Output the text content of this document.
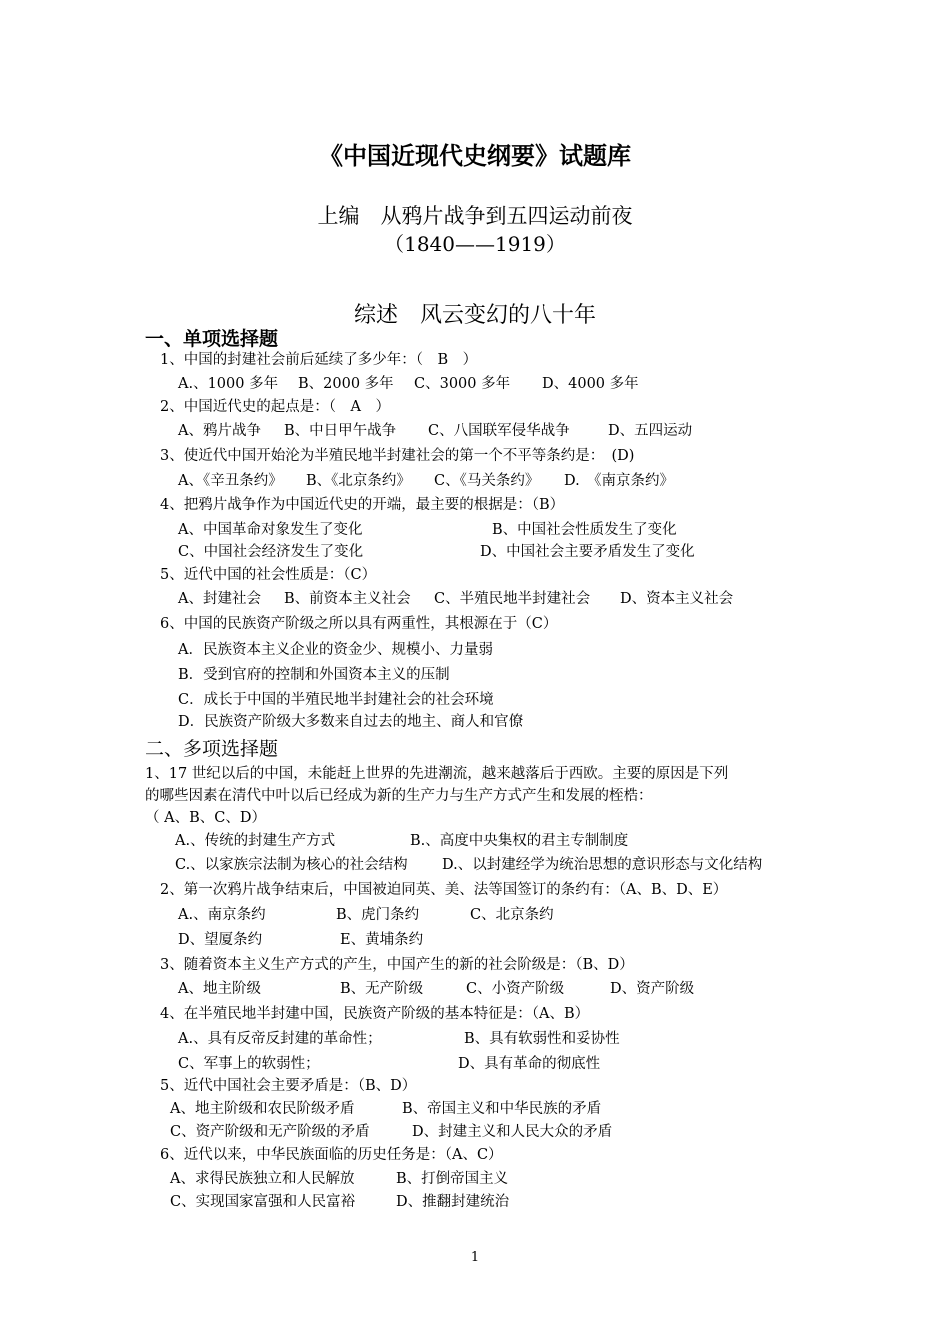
《中国近现代史纲要》试题库
上编　从鸦片战争到五四运动前夜
（1840——1919）
综述　风云变幻的八十年
一、单项选择题
1、中国的封建社会前后延续了多少年：（　B　）
A.、1000 多年 B、2000 多年 C、3000 多年 D、4000 多年
2、中国近代史的起点是：（　A　）
A、鸦片战争 B、中日甲午战争 C、八国联军侵华战争	D、五四运动
3、使近代中国开始沦为半殖民地半封建社会的第一个不平等条约是：　(D)
A、《辛丑条约》 B、《北京条约》 C、《马关条约》 D.　《南京条约》
4、把鸦片战争作为中国近代史的开端，最主要的根据是：（B）
A、中国革命对象发生了变化	B、中国社会性质发生了变化
C、中国社会经济发生了变化	D、中国社会主要矛盾发生了变化
5、近代中国的社会性质是：（C）
A、封建社会 B、前资本主义社会 C、半殖民地半封建社会 D、资本主义社会
6、中国的民族资产阶级之所以具有两重性，其根源在于（C）
A．民族资本主义企业的资金少、规模小、力量弱
B．受到官府的控制和外国资本主义的压制
C．成长于中国的半殖民地半封建社会的社会环境
D．民族资产阶级大多数来自过去的地主、商人和官僚
二、多项选择题
1、17 世纪以后的中国，未能赶上世界的先进潮流，越来越落后于西欧。主要的原因是下列
的哪些因素在清代中叶以后已经成为新的生产力与生产方式产生和发展的桎梏：
（ A、B、C、D）
A.、传统的封建生产方式	B.、高度中央集权的君主专制制度
C.、以家族宗法制为核心的社会结构 D.、以封建经学为统治思想的意识形态与文化结构
2、第一次鸦片战争结束后，中国被迫同英、美、法等国签订的条约有：（A、B、D、E）
A.、南京条约	B、虎门条约	C、北京条约
D、望厦条约	E、黄埔条约
3、随着资本主义生产方式的产生，中国产生的新的社会阶级是：（B、D）
A、地主阶级	B、无产阶级	C、小资产阶级	D、资产阶级
4、在半殖民地半封建中国，民族资产阶级的基本特征是：（A、B）
A.、具有反帝反封建的革命性；	B、具有软弱性和妥协性
C、军事上的软弱性；	D、具有革命的彻底性
5、近代中国社会主要矛盾是：（B、D）
A、地主阶级和农民阶级矛盾	B、帝国主义和中华民族的矛盾
C、资产阶级和无产阶级的矛盾	D、封建主义和人民大众的矛盾
6、近代以来，中华民族面临的历史任务是：（A、C）
A、求得民族独立和人民解放	B、打倒帝国主义
C、实现国家富强和人民富裕	D、推翻封建统治
1
